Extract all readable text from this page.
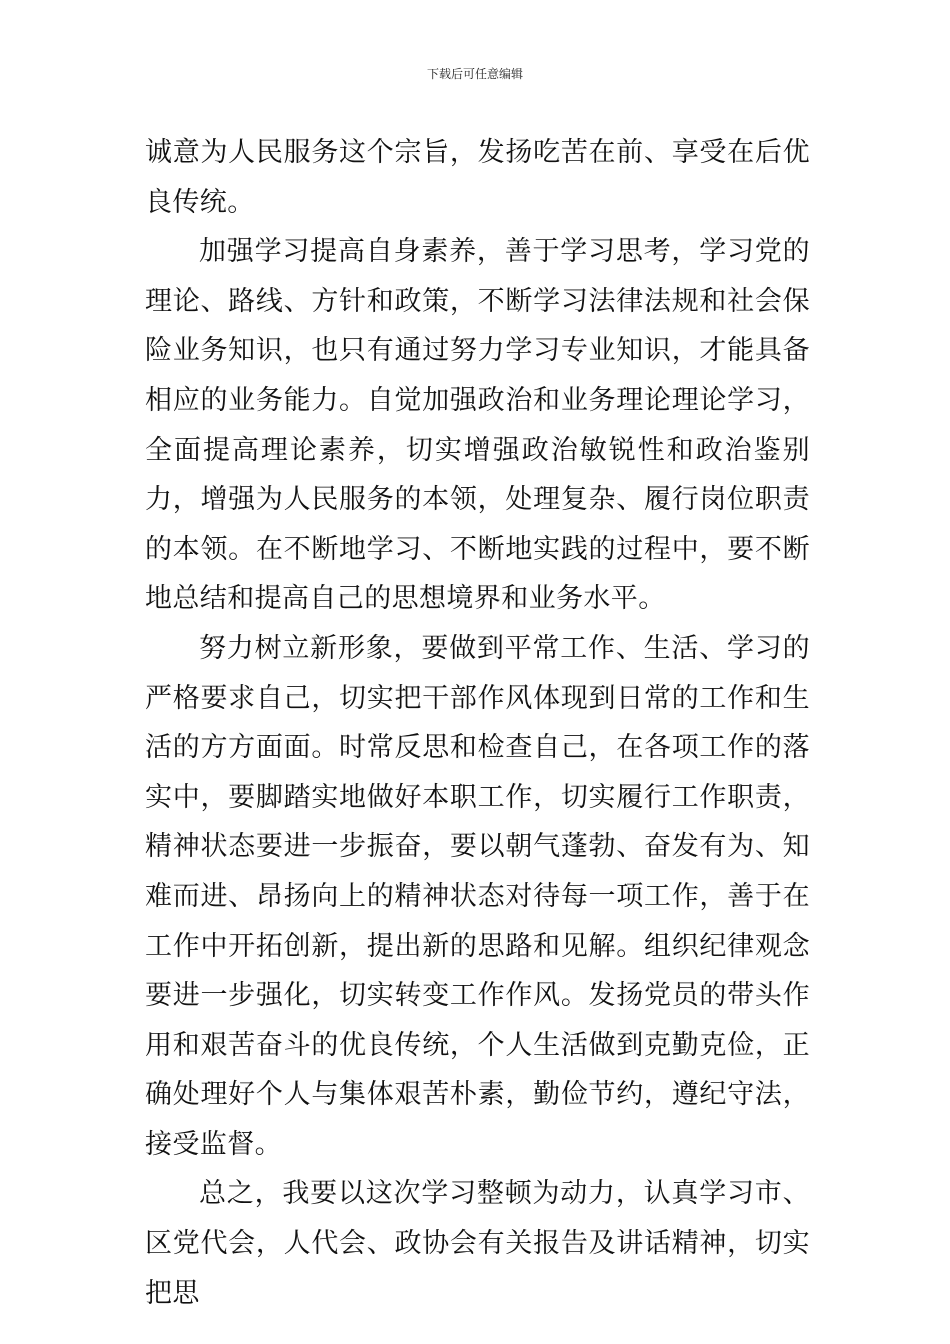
下载后可任意编辑

诚意为人民服务这个宗旨，发扬吃苦在前、享受在后优良传统。

加强学习提高自身素养，善于学习思考，学习党的理论、路线、方针和政策，不断学习法律法规和社会保险业务知识，也只有通过努力学习专业知识，才能具备相应的业务能力。自觉加强政治和业务理论理论学习，全面提高理论素养，切实增强政治敏锐性和政治鉴别力，增强为人民服务的本领，处理复杂、履行岗位职责的本领。在不断地学习、不断地实践的过程中，要不断地总结和提高自己的思想境界和业务水平。

努力树立新形象，要做到平常工作、生活、学习的严格要求自己，切实把干部作风体现到日常的工作和生活的方方面面。时常反思和检查自己，在各项工作的落实中，要脚踏实地做好本职工作，切实履行工作职责，精神状态要进一步振奋，要以朝气蓬勃、奋发有为、知难而进、昂扬向上的精神状态对待每一项工作，善于在工作中开拓创新，提出新的思路和见解。组织纪律观念要进一步强化，切实转变工作作风。发扬党员的带头作用和艰苦奋斗的优良传统，个人生活做到克勤克俭，正确处理好个人与集体艰苦朴素，勤俭节约，遵纪守法，接受监督。

总之，我要以这次学习整顿为动力，认真学习市、区党代会，人代会、政协会有关报告及讲话精神，切实把思
